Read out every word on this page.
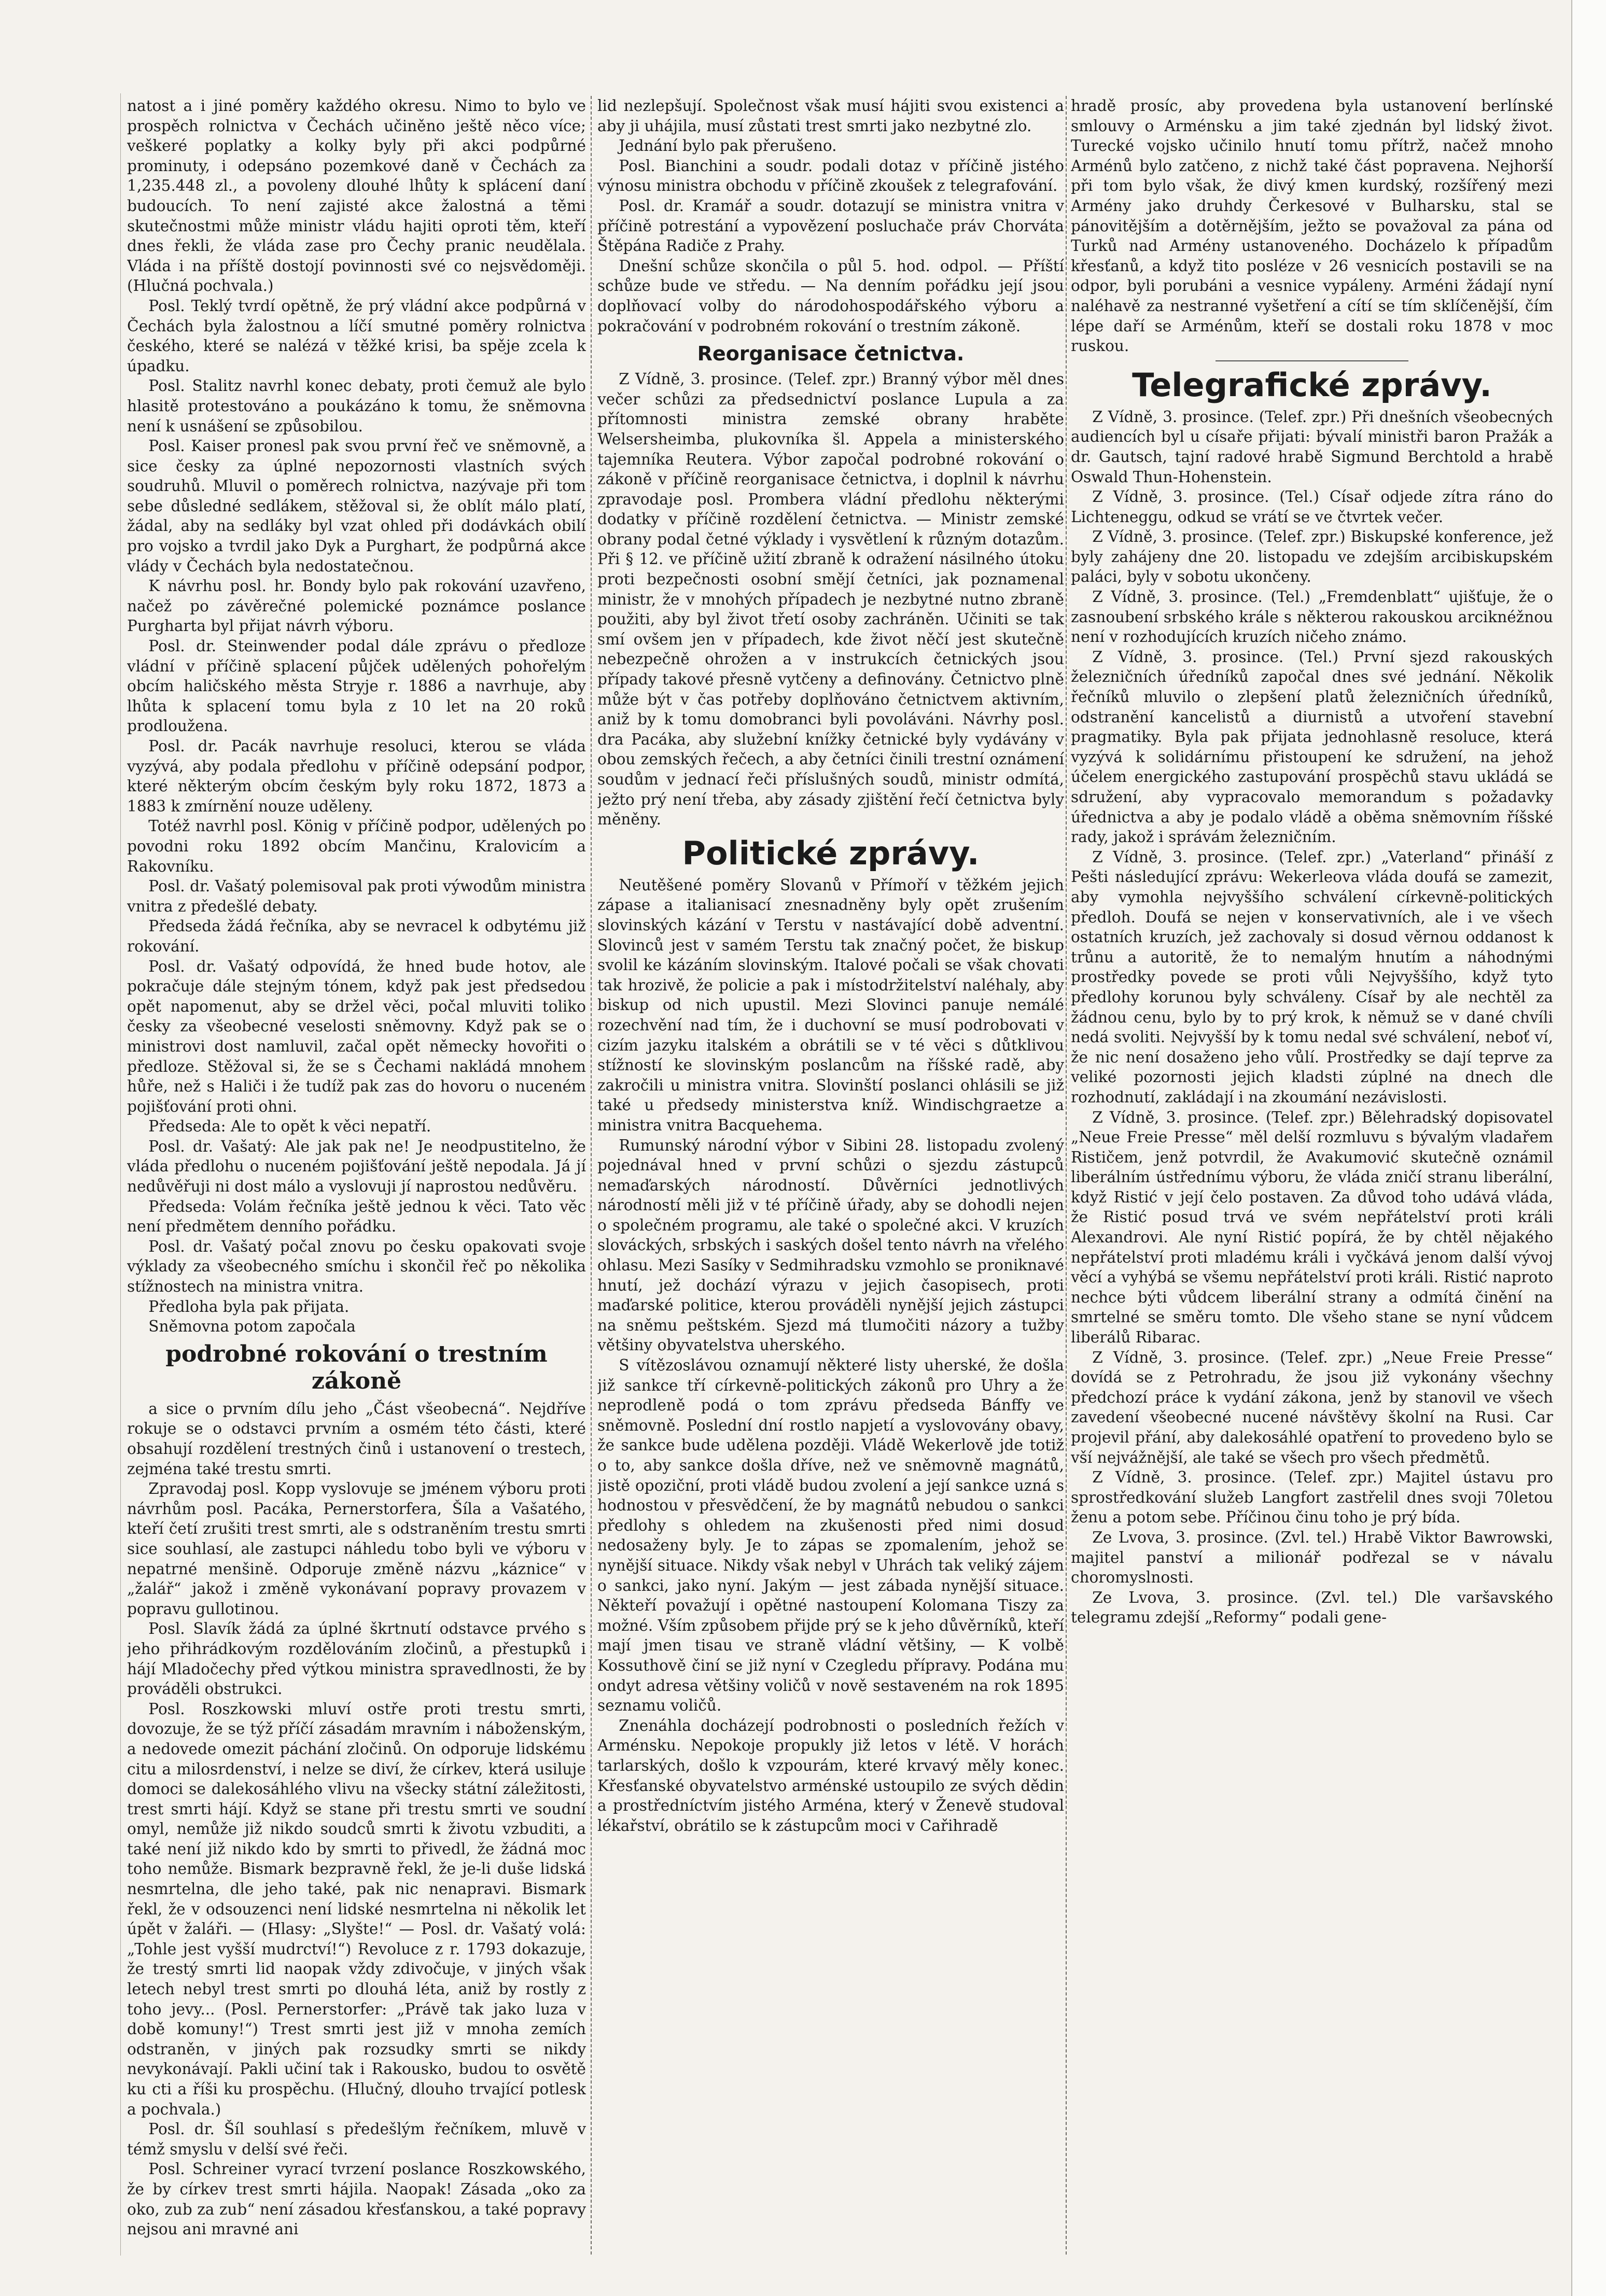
natost a i jiné poměry každého okresu. Nimo to bylo ve prospěch rolnictva v Čechách učiněno ještě něco více; veškeré poplatky a kolky byly při akci podpůrné prominuty, i odepsáno pozemkové daně v Čechách za 1,235.448 zl., a povoleny dlouhé lhůty k splácení daní budoucích. To není zajisté akce žalostná a těmi skutečnostmi může ministr vládu hajiti oproti těm, kteří dnes řekli, že vláda zase pro Čechy pranic neudělala. Vláda i na příště dostojí povinnosti své co nejsvědoměji. (Hlučná pochvala.)

Posl. Teklý tvrdí opětně, že prý vládní akce podpůrná v Čechách byla žalostnou a líčí smutné poměry rolnictva českého, které se nalézá v těžké krisi, ba spěje zcela k úpadku.

Posl. Stalitz navrhl konec debaty, proti čemuž ale bylo hlasitě protestováno a poukázáno k tomu, že sněmovna není k usnášení se způsobilou.

Posl. Kaiser pronesl pak svou první řeč ve sněmovně, a sice česky za úplné nepozornosti vlastních svých soudruhů. Mluvil o poměrech rolnictva, nazývaje při tom sebe důsledné sedlákem, stěžoval si, že oblít málo platí, žádal, aby na sedláky byl vzat ohled při dodávkách obilí pro vojsko a tvrdil jako Dyk a Purghart, že podpůrná akce vlády v Čechách byla nedostatečnou.

K návrhu posl. hr. Bondy bylo pak rokování uzavřeno, načež po závěrečné polemické poznámce poslance Purgharta byl přijat návrh výboru.

Posl. dr. Steinwender podal dále zprávu o předloze vládní v příčině splacení půjček udělených pohořelým obcím haličského města Stryje r. 1886 a navrhuje, aby lhůta k splacení tomu byla z 10 let na 20 roků prodloužena.

Posl. dr. Pacák navrhuje resoluci, kterou se vláda vyzývá, aby podala předlohu v příčině odepsání podpor, které některým obcím českým byly roku 1872, 1873 a 1883 k zmírnění nouze uděleny.

Totéž navrhl posl. König v příčině podpor, udělených po povodni roku 1892 obcím Mančinu, Kralovicím a Rakovníku.

Posl. dr. Vašatý polemisoval pak proti výwodům ministra vnitra z předešlé debaty.

Předseda žádá řečníka, aby se nevracel k odbytému již rokování.

Posl. dr. Vašatý odpovídá, že hned bude hotov, ale pokračuje dále stejným tónem, když pak jest předsedou opět napomenut, aby se držel věci, počal mluviti toliko česky za všeobecné veselosti sněmovny. Když pak se o ministrovi dost namluvil, začal opět německy hovořiti o předloze. Stěžoval si, že se s Čechami nakládá mnohem hůře, než s Haliči i že tudíž pak zas do hovoru o nuceném pojišťování proti ohni.

Předseda: Ale to opět k věci nepatří.

Posl. dr. Vašatý: Ale jak pak ne! Je neodpustitelno, že vláda předlohu o nuceném pojišťování ještě nepodala. Já jí nedůvěřuji ni dost málo a vyslovuji jí naprostou nedůvěru.

Předseda: Volám řečníka ještě jednou k věci. Tato věc není předmětem denního pořádku.

Posl. dr. Vašatý počal znovu po česku opakovati svoje výklady za všeobecného smíchu i skončil řeč po několika stížnostech na ministra vnitra.

Předloha byla pak přijata.

Sněmovna potom započala

podrobné rokování o trestním zákoně

a sice o prvním dílu jeho „Část všeobecná“. Nejdříve rokuje se o odstavci prvním a osmém této části, které obsahují rozdělení trestných činů i ustanovení o trestech, zejména také trestu smrti.

Zpravodaj posl. Kopp vyslovuje se jménem výboru proti návrhům posl. Pacáka, Pernerstorfera, Šíla a Vašatého, kteří četí zrušiti trest smrti, ale s odstraněním trestu smrti sice souhlasí, ale zastupci náhledu tobo byli ve výboru v nepatrné menšině. Odporuje změně názvu „káznice“ v „žalář“ jakož i změně vykonávaní popravy provazem v popravu gullotinou.

Posl. Slavík žádá za úplné škrtnutí odstavce prvého s jeho přihrádkovým rozdělováním zločinů, a přestupků i hájí Mladočechy před výtkou ministra spravedlnosti, že by prováděli obstrukci.

Posl. Roszkowski mluví ostře proti trestu smrti, dovozuje, že se týž příčí zásadám mravním i náboženským, a nedovede omezit páchání zločinů. On odporuje lidskému citu a milosrdenství, i nelze se diví, že církev, která usiluje domoci se dalekosáhlého vlivu na všecky státní záležitosti, trest smrti hájí. Když se stane při trestu smrti ve soudní omyl, nemůže již nikdo soudců smrti k životu vzbuditi, a také není již nikdo kdo by smrti to přivedl, že žádná moc toho nemůže. Bismark bezpravně řekl, že je-li duše lidská nesmrtelna, dle jeho také, pak nic nenapravi. Bismark řekl, že v odsouzenci není lidské nesmrtelna ni několik let úpět v žaláři. — (Hlasy: „Slyšte!“ — Posl. dr. Vašatý volá: „Tohle jest vyšší mudrctví!“) Revoluce z r. 1793 dokazuje, že trestý smrti lid naopak vždy zdivočuje, v jiných však letech nebyl trest smrti po dlouhá léta, aniž by rostly z toho jevy... (Posl. Pernerstorfer: „Právě tak jako luza v době komuny!“) Trest smrti jest již v mnoha zemích odstraněn, v jiných pak rozsudky smrti se nikdy nevykonávají. Pakli učiní tak i Rakousko, budou to osvětě ku cti a říši ku prospěchu. (Hlučný, dlouho trvající potlesk a pochvala.)

Posl. dr. Šíl souhlasí s předešlým řečníkem, mluvě v témž smyslu v delší své řeči.

Posl. Schreiner vyrací tvrzení poslance Roszkowského, že by církev trest smrti hájila. Naopak! Zásada „oko za oko, zub za zub“ není zásadou křesťanskou, a také popravy nejsou ani mravné ani

lid nezlepšují. Společnost však musí hájiti svou existenci a aby ji uhájila, musí zůstati trest smrti jako nezbytné zlo.

Jednání bylo pak přerušeno.

Posl. Bianchini a soudr. podali dotaz v příčině jistého výnosu ministra obchodu v příčině zkoušek z telegrafování.

Posl. dr. Kramář a soudr. dotazují se ministra vnitra v příčině potrestání a vypovězení posluchače práv Chorváta Štěpána Radiče z Prahy.

Dnešní schůze skončila o půl 5. hod. odpol. — Příští schůze bude ve středu. — Na denním pořádku její jsou doplňovací volby do národohospodářského výboru a pokračování v podrobném rokování o trestním zákoně.

Reorganisace četnictva.

Z Vídně, 3. prosince. (Telef. zpr.) Branný výbor měl dnes večer schůzi za předsednictví poslance Lupula a za přítomnosti ministra zemské obrany hraběte Welsersheimba, plukovníka šl. Appela a ministerského tajemníka Reutera. Výbor započal podrobné rokování o zákoně v příčině reorganisace četnictva, i doplnil k návrhu zpravodaje posl. Prombera vládní předlohu některými dodatky v příčině rozdělení četnictva. — Ministr zemské obrany podal četné výklady i vysvětlení k různým dotazům. Při § 12. ve příčině užití zbraně k odražení násilného útoku proti bezpečnosti osobní smějí četníci, jak poznamenal ministr, že v mnohých případech je nezbytné nutno zbraně použiti, aby byl život třetí osoby zachráněn. Učiniti se tak smí ovšem jen v případech, kde život něčí jest skutečně nebezpečně ohrožen a v instrukcích četnických jsou případy takové přesně vytčeny a definovány. Četnictvo plně může být v čas potřeby doplňováno četnictvem aktivním, aniž by k tomu domobranci byli povoláváni. Návrhy posl. dra Pacáka, aby služební knížky četnické byly vydávány v obou zemských řečech, a aby četníci činili trestní oznámení soudům v jednací řeči příslušných soudů, ministr odmítá, ježto prý není třeba, aby zásady zjištění řečí četnictva byly měněny.

Politické zprávy.

Neutěšené poměry Slovanů v Přímoří v těžkém jejich zápase a italianisací znesnadněny byly opět zrušením slovinských kázání v Terstu v nastávající době adventní. Slovinců jest v samém Terstu tak značný počet, že biskup svolil ke kázáním slovinským. Italové počali se však chovati tak hrozivě, že policie a pak i místodržitelství naléhaly, aby biskup od nich upustil. Mezi Slovinci panuje nemálé rozechvění nad tím, že i duchovní se musí podrobovati v cizím jazyku italském a obrátili se v té věci s důtklivou stížností ke slovinským poslancům na říšské radě, aby zakročili u ministra vnitra. Slovinští poslanci ohlásili se již také u předsedy ministerstva kníž. Windischgraetze a ministra vnitra Bacquehema.

Rumunský národní výbor v Sibini 28. listopadu zvolený pojednával hned v první schůzi o sjezdu zástupců nemaďarských národností. Důvěrníci jednotlivých národností měli již v té příčině úřady, aby se dohodli nejen o společném programu, ale také o společné akci. V kruzích slováckých, srbských i saských došel tento návrh na vřelého ohlasu. Mezi Sasíky v Sedmihradsku vzmohlo se proniknavé hnutí, jež dochází výrazu v jejich časopisech, proti maďarské politice, kterou prováděli nynější jejich zástupci na sněmu peštském. Sjezd má tlumočiti názory a tužby většiny obyvatelstva uherského.

S vítězoslávou oznamují některé listy uherské, že došla již sankce tří církevně-politických zákonů pro Uhry a že neprodleně podá o tom zprávu předseda Bánffy ve sněmovně. Poslední dní rostlo napjetí a vyslovovány obavy, že sankce bude udělena později. Vládě Wekerlově jde totiž o to, aby sankce došla dříve, než ve sněmovně magnátů, jistě opoziční, proti vládě budou zvolení a její sankce uzná s hodnostou v přesvědčení, že by magnátů nebudou o sankci předlohy s ohledem na zkušenosti před nimi dosud nedosaženy byly. Je to zápas se zpomalením, jehož se nynější situace. Nikdy však nebyl v Uhrách tak veliký zájem o sankci, jako nyní. Jakým — jest zábada nynější situace. Někteří považují i opětné nastoupení Kolomana Tiszy za možné. Vším způsobem přijde prý se k jeho důvěrníků, kteří mají jmen tisau ve straně vládní většiny, — K volbě Kossuthově činí se již nyní v Czegledu přípravy. Podána mu ondyt adresa většiny voličů v nově sestaveném na rok 1895 seznamu voličů.

Znenáhla docházejí podrobnosti o posledních řežích v Arménsku. Nepokoje propukly již letos v létě. V horách tarlarských, došlo k vzpourám, které krvavý měly konec. Křesťanské obyvatelstvo arménské ustoupilo ze svých dědin a prostředníctvím jistého Arména, který v Ženevě studoval lékařství, obrátilo se k zástupcům moci v Cařihradě

hradě prosíc, aby provedena byla ustanovení berlínské smlouvy o Arménsku a jim také zjednán byl lidský život. Turecké vojsko učinilo hnutí tomu přítrž, načež mnoho Arménů bylo zatčeno, z nichž také část popravena. Nejhorší při tom bylo však, že divý kmen kurdský, rozšířený mezi Armény jako druhdy Čerkesové v Bulharsku, stal se pánovitějším a dotěrnějším, ježto se považoval za pána od Turků nad Armény ustanoveného. Docházelo k případům křesťanů, a když tito posléze v 26 vesnicích postavili se na odpor, byli porubáni a vesnice vypáleny. Arméni žádají nyní naléhavě za nestranné vyšetření a cítí se tím sklíčenější, čím lépe daří se Arménům, kteří se dostali roku 1878 v moc ruskou.

Telegrafické zprávy.

Z Vídně, 3. prosince. (Telef. zpr.) Při dnešních všeobecných audiencích byl u císaře přijati: bývalí ministři baron Pražák a dr. Gautsch, tajní radové hrabě Sigmund Berchtold a hrabě Oswald Thun-Hohenstein.

Z Vídně, 3. prosince. (Tel.) Císař odjede zítra ráno do Lichteneggu, odkud se vrátí se ve čtvrtek večer.

Z Vídně, 3. prosince. (Telef. zpr.) Biskupské konference, jež byly zahájeny dne 20. listopadu ve zdejším arcibiskupském paláci, byly v sobotu ukončeny.

Z Vídně, 3. prosince. (Tel.) „Fremdenblatt“ ujišťuje, že o zasnoubení srbského krále s některou rakouskou arciknéžnou není v rozhodujících kruzích ničeho známo.

Z Vídně, 3. prosince. (Tel.) První sjezd rakouských železničních úředníků započal dnes své jednání. Několik řečníků mluvilo o zlepšení platů železničních úředníků, odstranění kancelistů a diurnistů a utvoření stavební pragmatiky. Byla pak přijata jednohlasně resoluce, která vyzývá k solidárnímu přistoupení ke sdružení, na jehož účelem energického zastupování prospěchů stavu ukládá se sdružení, aby vypracovalo memorandum s požadavky úřednictva a aby je podalo vládě a oběma sněmovním říšské rady, jakož i správám železničním.

Z Vídně, 3. prosince. (Telef. zpr.) „Vaterland“ přináší z Pešti následující zprávu: Wekerleova vláda doufá se zamezit, aby vymohla nejvyššího schválení církevně-politických předloh. Doufá se nejen v konservativních, ale i ve všech ostatních kruzích, jež zachovaly si dosud věrnou oddanost k trůnu a autoritě, že to nemalým hnutím a náhodnými prostředky povede se proti vůli Nejvyššího, když tyto předlohy korunou byly schváleny. Císař by ale nechtěl za žádnou cenu, bylo by to prý krok, k němuž se v dané chvíli nedá svoliti. Nejvyšší by k tomu nedal své schválení, neboť ví, že nic není dosaženo jeho vůlí. Prostředky se dají teprve za veliké pozornosti jejich kladsti zúplné na dnech dle rozhodnutí, zakládají i na zkoumání nezávislosti.

Z Vídně, 3. prosince. (Telef. zpr.) Bělehradský dopisovatel „Neue Freie Presse“ měl delší rozmluvu s bývalým vladařem Rističem, jenž potvrdil, že Avakumović skutečně oznámil liberálním ústřednímu výboru, že vláda zničí stranu liberální, když Ristić v její čelo postaven. Za důvod toho udává vláda, že Ristić posud trvá ve svém nepřátelství proti králi Alexandrovi. Ale nyní Ristić popírá, že by chtěl nějakého nepřátelství proti mladému králi i vyčkává jenom další vývoj věcí a vyhýbá se všemu nepřátelství proti králi. Ristić naproto nechce býti vůdcem liberální strany a odmítá činění na smrtelné se směru tomto. Dle všeho stane se nyní vůdcem liberálů Ribarac.

Z Vídně, 3. prosince. (Telef. zpr.) „Neue Freie Presse“ dovídá se z Petrohradu, že jsou již vykonány všechny předchozí práce k vydání zákona, jenž by stanovil ve všech zavedení všeobecné nucené návštěvy školní na Rusi. Car projevil přání, aby dalekosáhlé opatření to provedeno bylo se vší nejvážnější, ale také se všech pro všech předmětů.

Z Vídně, 3. prosince. (Telef. zpr.) Majitel ústavu pro sprostředkování služeb Langfort zastřelil dnes svoji 70letou ženu a potom sebe. Příčinou činu toho je prý bída.

Ze Lvova, 3. prosince. (Zvl. tel.) Hrabě Viktor Bawrowski, majitel panství a milionář podřezal se v návalu choromyslnosti.

Ze Lvova, 3. prosince. (Zvl. tel.) Dle varšavského telegramu zdejší „Reformy“ podali gene-
